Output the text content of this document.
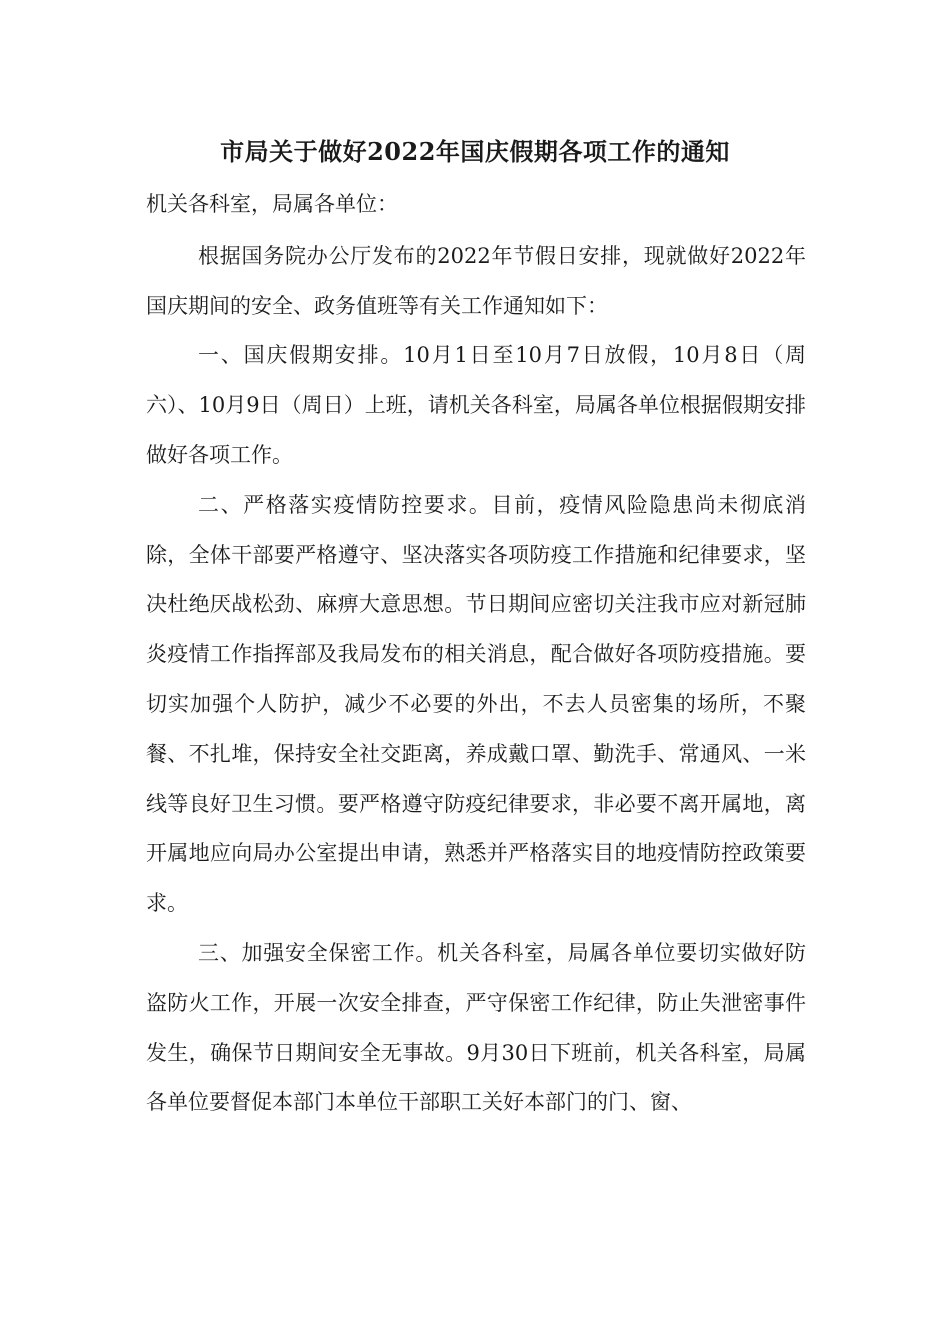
市局关于做好2022年国庆假期各项工作的通知

机关各科室，局属各单位：

根据国务院办公厅发布的2022年节假日安排，现就做好2022年国庆期间的安全、政务值班等有关工作通知如下：

一、国庆假期安排。10月1日至10月7日放假，10月8日（周六）、10月9日（周日）上班，请机关各科室，局属各单位根据假期安排做好各项工作。

二、严格落实疫情防控要求。目前，疫情风险隐患尚未彻底消除，全体干部要严格遵守、坚决落实各项防疫工作措施和纪律要求，坚决杜绝厌战松劲、麻痹大意思想。节日期间应密切关注我市应对新冠肺炎疫情工作指挥部及我局发布的相关消息，配合做好各项防疫措施。要切实加强个人防护，减少不必要的外出，不去人员密集的场所，不聚餐、不扎堆，保持安全社交距离，养成戴口罩、勤洗手、常通风、一米线等良好卫生习惯。要严格遵守防疫纪律要求，非必要不离开属地，离开属地应向局办公室提出申请，熟悉并严格落实目的地疫情防控政策要求。

三、加强安全保密工作。机关各科室，局属各单位要切实做好防盗防火工作，开展一次安全排查，严守保密工作纪律，防止失泄密事件发生，确保节日期间安全无事故。9月30日下班前，机关各科室，局属各单位要督促本部门本单位干部职工关好本部门的门、窗、
